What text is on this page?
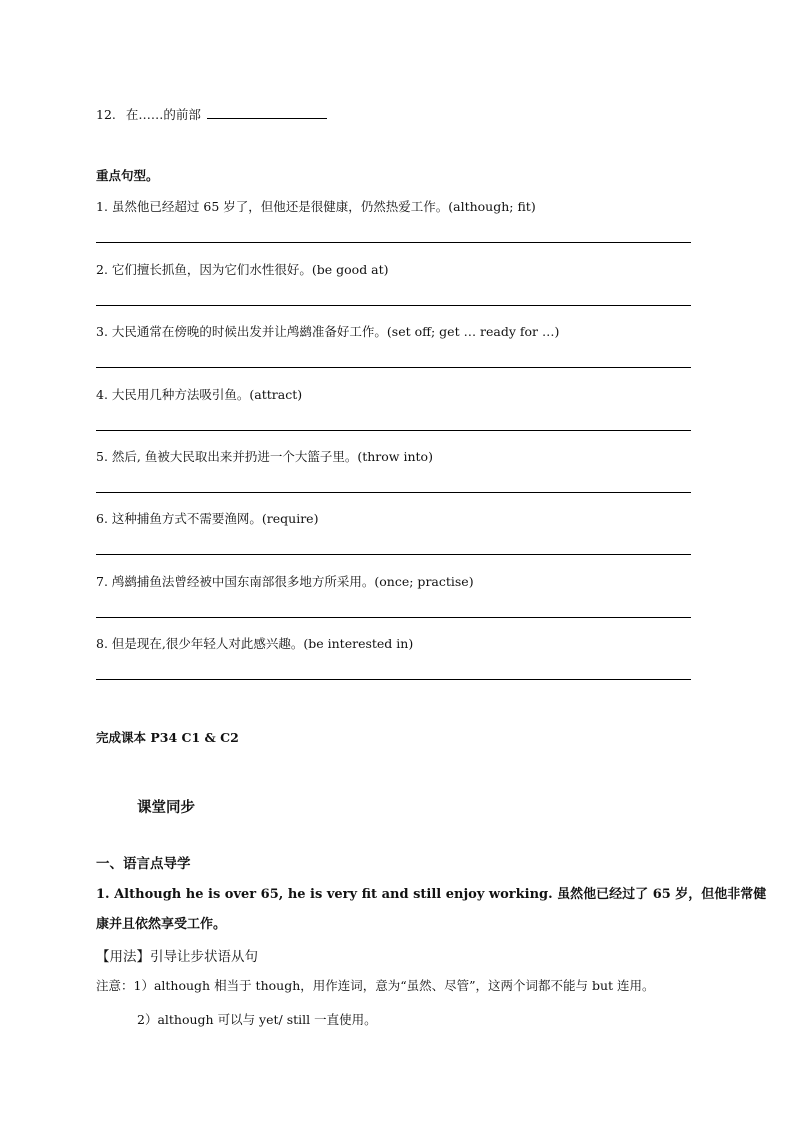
12. 在……的前部
重点句型。
1. 虽然他已经超过 65 岁了，但他还是很健康，仍然热爱工作。(although; fit)
2. 它们擅长抓鱼，因为它们水性很好。(be good at)
3. 大民通常在傍晚的时候出发并让鸬鹚准备好工作。(set off; get … ready for …)
4. 大民用几种方法吸引鱼。(attract)
5. 然后, 鱼被大民取出来并扔进一个大篮子里。(throw into)
6. 这种捕鱼方式不需要渔网。(require)
7. 鸬鹚捕鱼法曾经被中国东南部很多地方所采用。(once; practise)
8. 但是现在,很少年轻人对此感兴趣。(be interested in)
完成课本 P34 C1 & C2
课堂同步
一、语言点导学
1. Although he is over 65, he is very fit and still enjoy working. 虽然他已经过了 65 岁，但他非常健
康并且依然享受工作。
【用法】引导让步状语从句
注意：1）although 相当于 though，用作连词，意为“虽然、尽管”，这两个词都不能与 but 连用。
2）although 可以与 yet/ still 一直使用。
